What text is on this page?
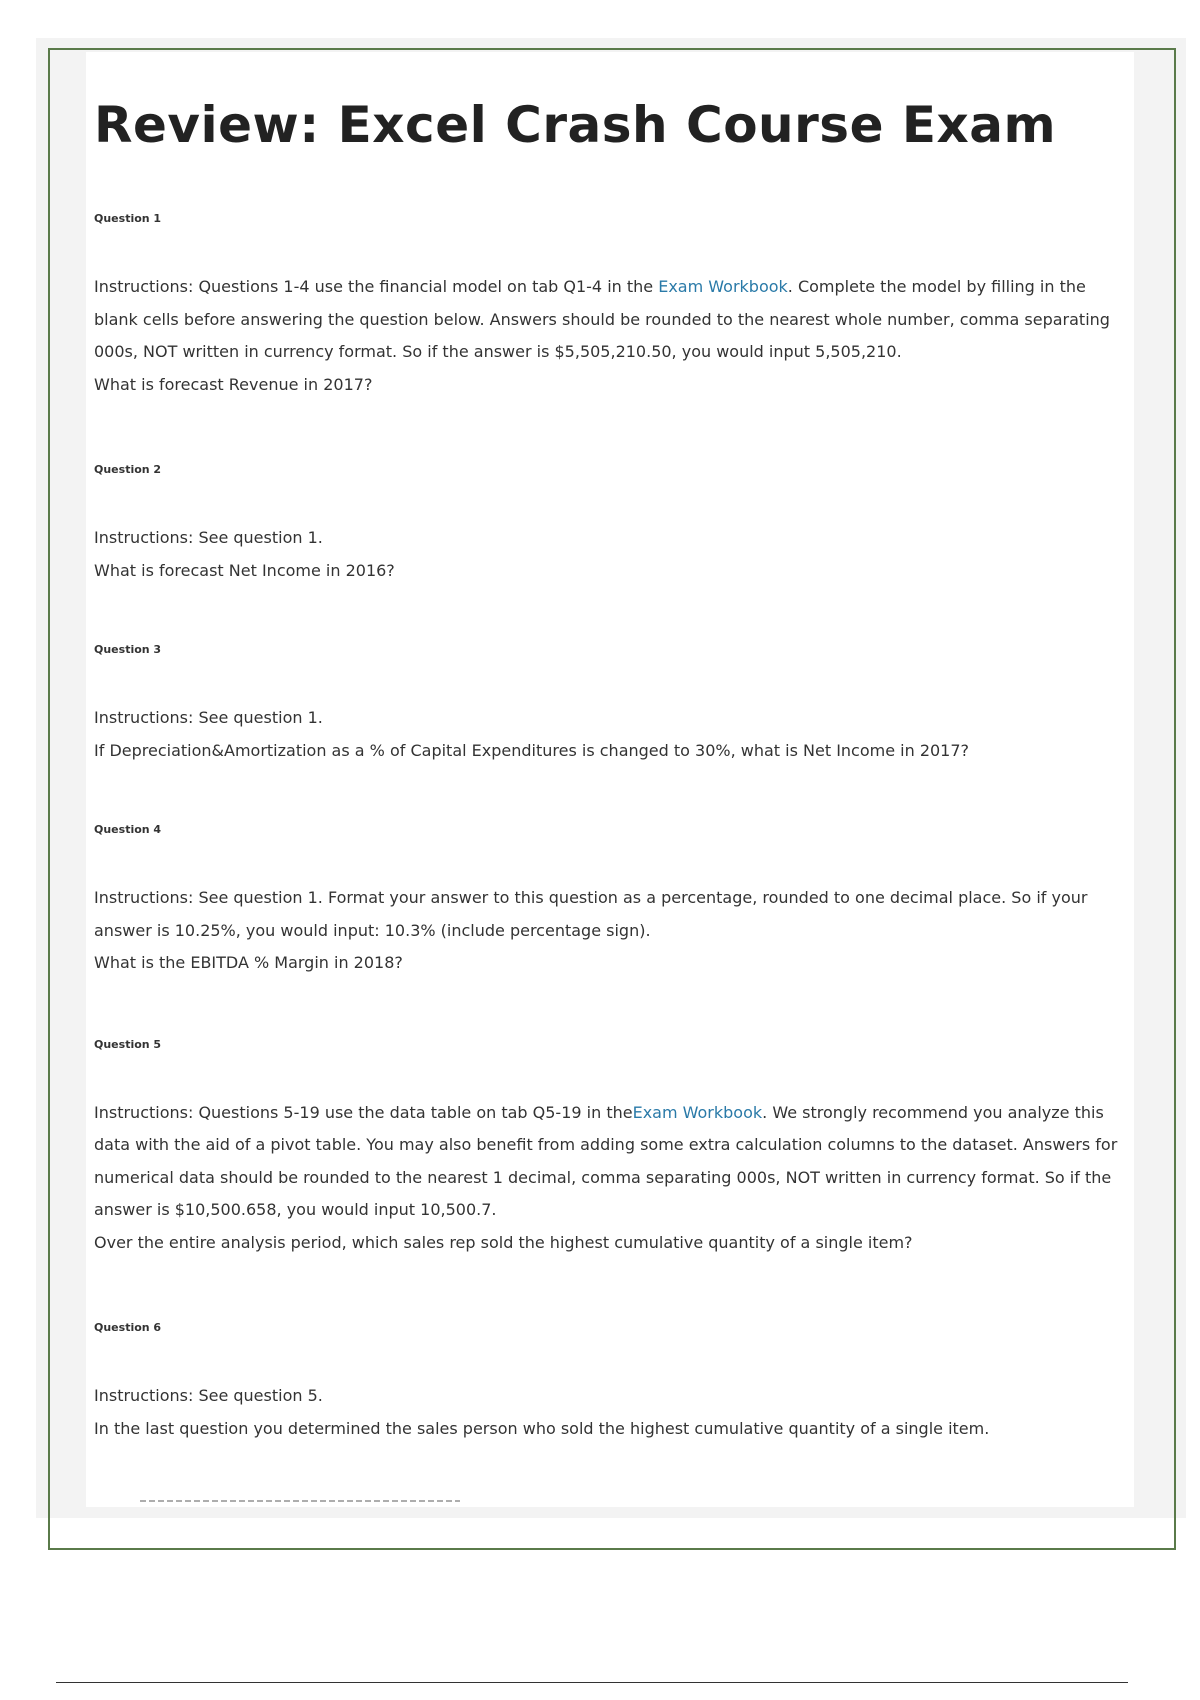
Review: Excel Crash Course Exam
Question 1

Instructions: Questions 1-4 use the financial model on tab Q1-4 in the Exam Workbook. Complete the model by filling in the blank cells before answering the question below. Answers should be rounded to the nearest whole number, comma separating 000s, NOT written in currency format. So if the answer is $5,505,210.50, you would input 5,505,210.

What is forecast Revenue in 2017?

Question 2

Instructions: See question 1.

What is forecast Net Income in 2016?

Question 3

Instructions: See question 1.

If Depreciation&Amortization as a % of Capital Expenditures is changed to 30%, what is Net Income in 2017?

Question 4

Instructions: See question 1. Format your answer to this question as a percentage, rounded to one decimal place. So if your answer is 10.25%, you would input: 10.3% (include percentage sign).

What is the EBITDA % Margin in 2018?

Question 5

Instructions: Questions 5-19 use the data table on tab Q5-19 in theExam Workbook. We strongly recommend you analyze this data with the aid of a pivot table. You may also benefit from adding some extra calculation columns to the dataset. Answers for numerical data should be rounded to the nearest 1 decimal, comma separating 000s, NOT written in currency format. So if the answer is $10,500.658, you would input 10,500.7.

Over the entire analysis period, which sales rep sold the highest cumulative quantity of a single item?

Question 6

Instructions: See question 5.

In the last question you determined the sales person who sold the highest cumulative quantity of a single item.
